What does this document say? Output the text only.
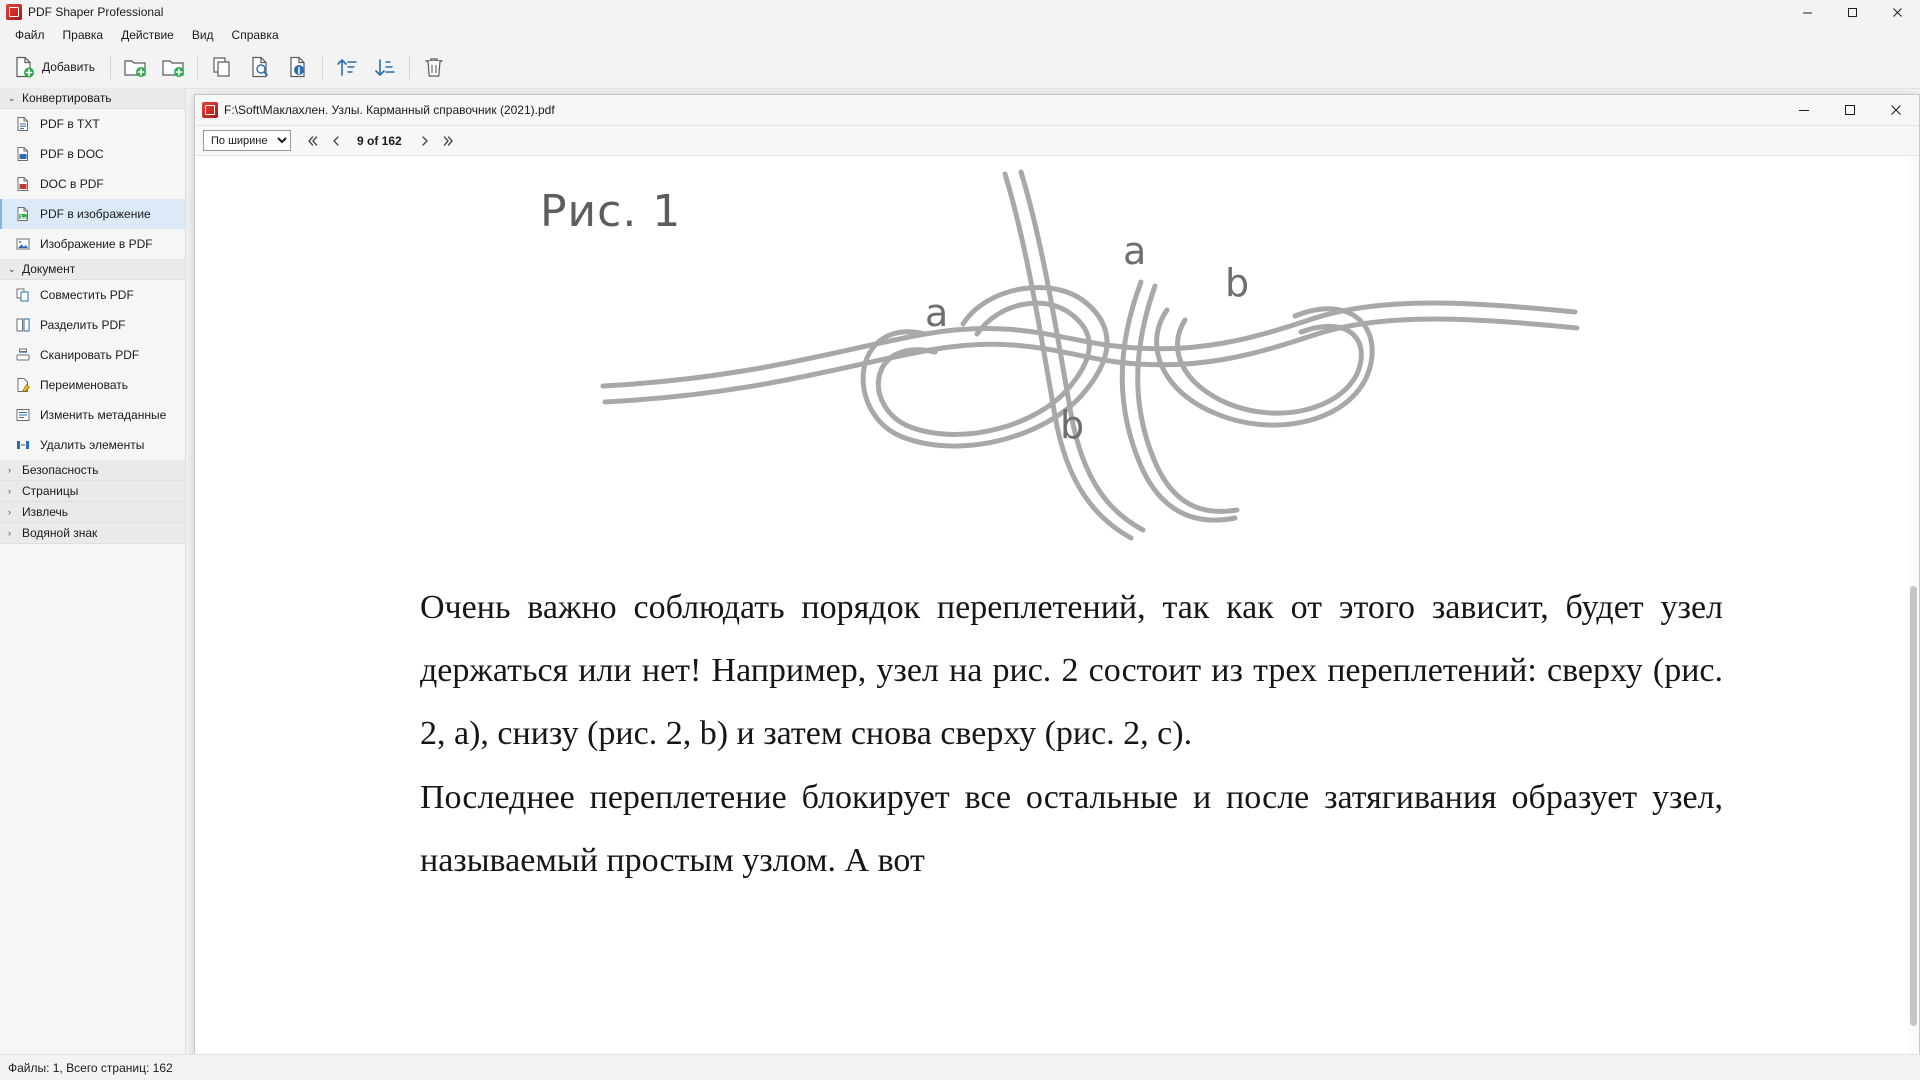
PDF Shaper Professional
Файл	Правка	Действие	Вид	Справка
Добавить
⌄ Конвертировать
PDF в TXT
PDF в DOC
DOC в PDF
PDF в изображение
Изображение в PDF
⌄ Документ
Совместить PDF
Разделить PDF
Сканировать PDF
Переименовать
Изменить метаданные
Удалить элементы
› Безопасность
› Страницы
› Извлечь
› Водяной знак
F:\Soft\Маклахлен. Узлы. Карманный справочник (2021).pdf
По ширине
9 of 162
Рис. 1
a
a
b
b

Очень важно соблюдать порядок переплетений, так как от этого зависит, будет узел держаться или нет! Например, узел на рис. 2 состоит из трех переплетений: сверху (рис. 2, a), снизу (рис. 2, b) и затем снова сверху (рис. 2, c).

Последнее переплетение блокирует все остальные и после затягивания образует узел, называемый простым узлом. А вот

Файлы: 1, Всего страниц: 162
